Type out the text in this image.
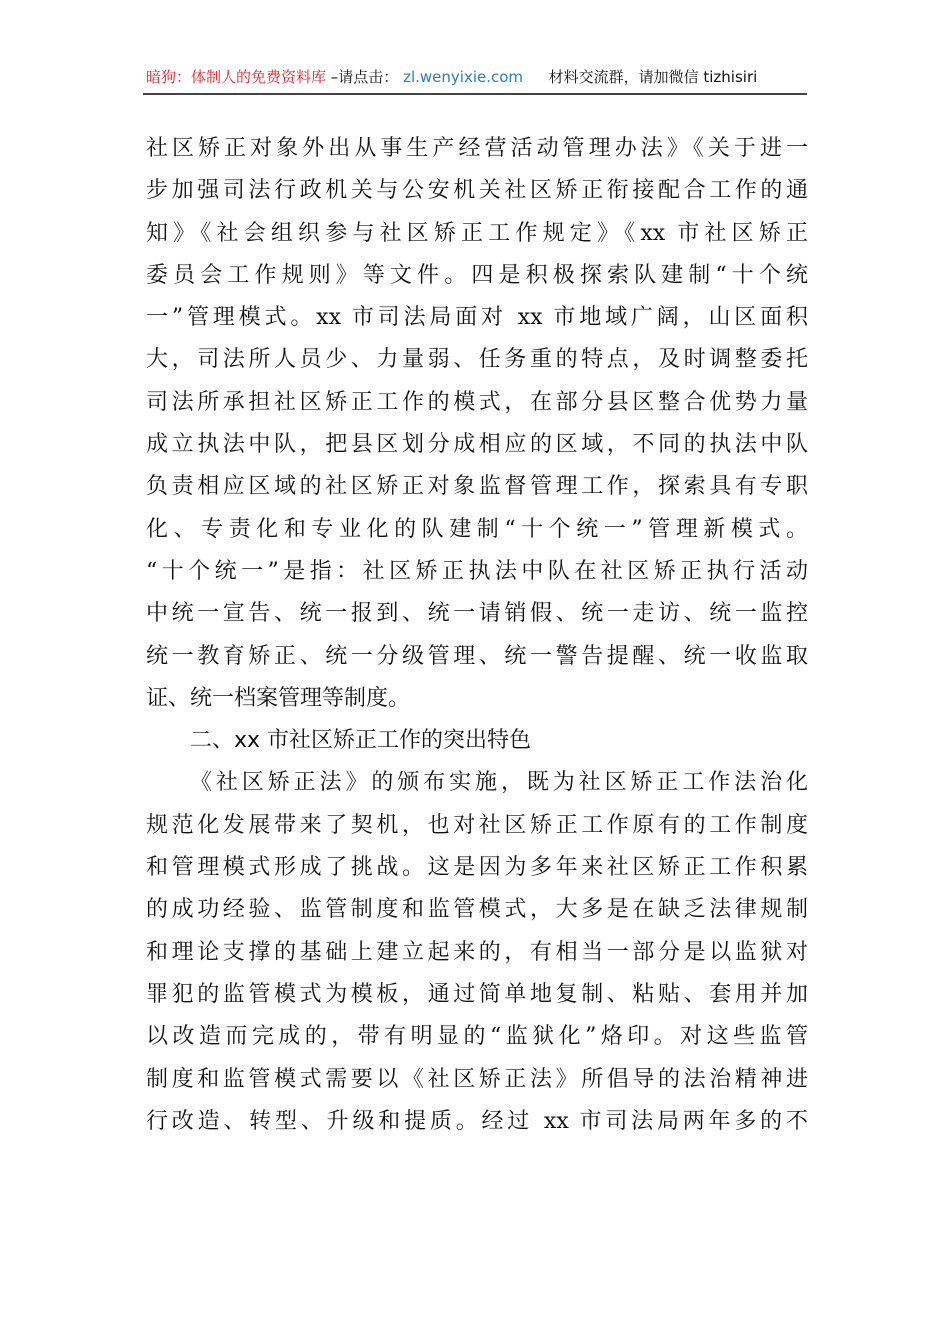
暗狗：体制人的免费资料库 –请点击： zl.wenyixie.com 材料交流群，请加微信 tizhisiri
社区矫正对象外出从事生产经营活动管理办法》《关于进一
步加强司法行政机关与公安机关社区矫正衔接配合工作的通
知》《社会组织参与社区矫正工作规定》《xx 市社区矫正
委员会工作规则》等文件。四是积极探索队建制“十个统
一”管理模式。xx 市司法局面对 xx 市地域广阔，山区面积
大，司法所人员少、力量弱、任务重的特点，及时调整委托
司法所承担社区矫正工作的模式，在部分县区整合优势力量
成立执法中队，把县区划分成相应的区域，不同的执法中队
负责相应区域的社区矫正对象监督管理工作，探索具有专职
化、专责化和专业化的队建制“十个统一”管理新模式。
“十个统一”是指：社区矫正执法中队在社区矫正执行活动
中统一宣告、统一报到、统一请销假、统一走访、统一监控
统一教育矫正、统一分级管理、统一警告提醒、统一收监取
证、统一档案管理等制度。
二、xx 市社区矫正工作的突出特色
《社区矫正法》的颁布实施，既为社区矫正工作法治化
规范化发展带来了契机，也对社区矫正工作原有的工作制度
和管理模式形成了挑战。这是因为多年来社区矫正工作积累
的成功经验、监管制度和监管模式，大多是在缺乏法律规制
和理论支撑的基础上建立起来的，有相当一部分是以监狱对
罪犯的监管模式为模板，通过简单地复制、粘贴、套用并加
以改造而完成的，带有明显的“监狱化”烙印。对这些监管
制度和监管模式需要以《社区矫正法》所倡导的法治精神进
行改造、转型、升级和提质。经过 xx 市司法局两年多的不
